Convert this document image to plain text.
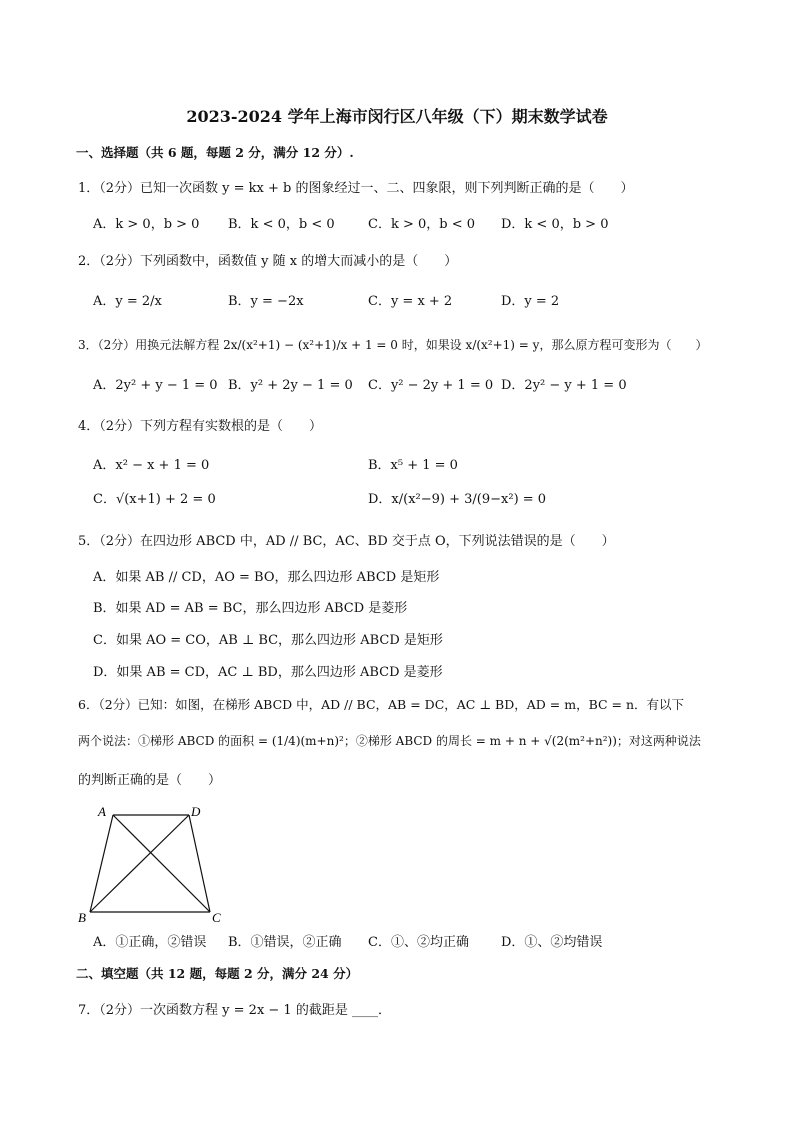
2023-2024 学年上海市闵行区八年级（下）期末数学试卷
一、选择题（共 6 题，每题 2 分，满分 12 分）.
1．（2分）已知一次函数 y = kx + b 的图象经过一、二、四象限，则下列判断正确的是（　　）
A．k > 0，b > 0 B．k < 0，b < 0	C．k > 0，b < 0 D．k < 0，b > 0
2．（2分）下列函数中，函数值 y 随 x 的增大而减小的是（　　）
A．y = 2/x	B．y = −2x	C．y = x + 2	D．y = 2
3．（2分）用换元法解方程 2x/(x²+1) − (x²+1)/x + 1 = 0 时，如果设 x/(x²+1) = y，那么原方程可变形为（　　）
A．2y² + y − 1 = 0 B．y² + 2y − 1 = 0 C．y² − 2y + 1 = 0 D．2y² − y + 1 = 0
4．（2分）下列方程有实数根的是（　　）
A．x² − x + 1 = 0	B．x⁵ + 1 = 0
C．√(x+1) + 2 = 0	D．x/(x²−9) + 3/(9−x²) = 0
5．（2分）在四边形 ABCD 中，AD // BC，AC、BD 交于点 O，下列说法错误的是（　　）
A．如果 AB // CD，AO = BO，那么四边形 ABCD 是矩形
B．如果 AD = AB = BC，那么四边形 ABCD 是菱形
C．如果 AO = CO，AB ⊥ BC，那么四边形 ABCD 是矩形
D．如果 AB = CD，AC ⊥ BD，那么四边形 ABCD 是菱形
6．（2分）已知：如图，在梯形 ABCD 中，AD // BC，AB = DC，AC ⊥ BD，AD = m，BC = n．有以下
两个说法：①梯形 ABCD 的面积 = (1/4)(m+n)²；②梯形 ABCD 的周长 = m + n + √(2(m²+n²))；对这两种说法
的判断正确的是（　　）
A	D
B	C
A．①正确，②错误 B．①错误，②正确 C．①、②均正确 D．①、②均错误
二、填空题（共 12 题，每题 2 分，满分 24 分）
7．（2分）一次函数方程 y = 2x − 1 的截距是 ____．
